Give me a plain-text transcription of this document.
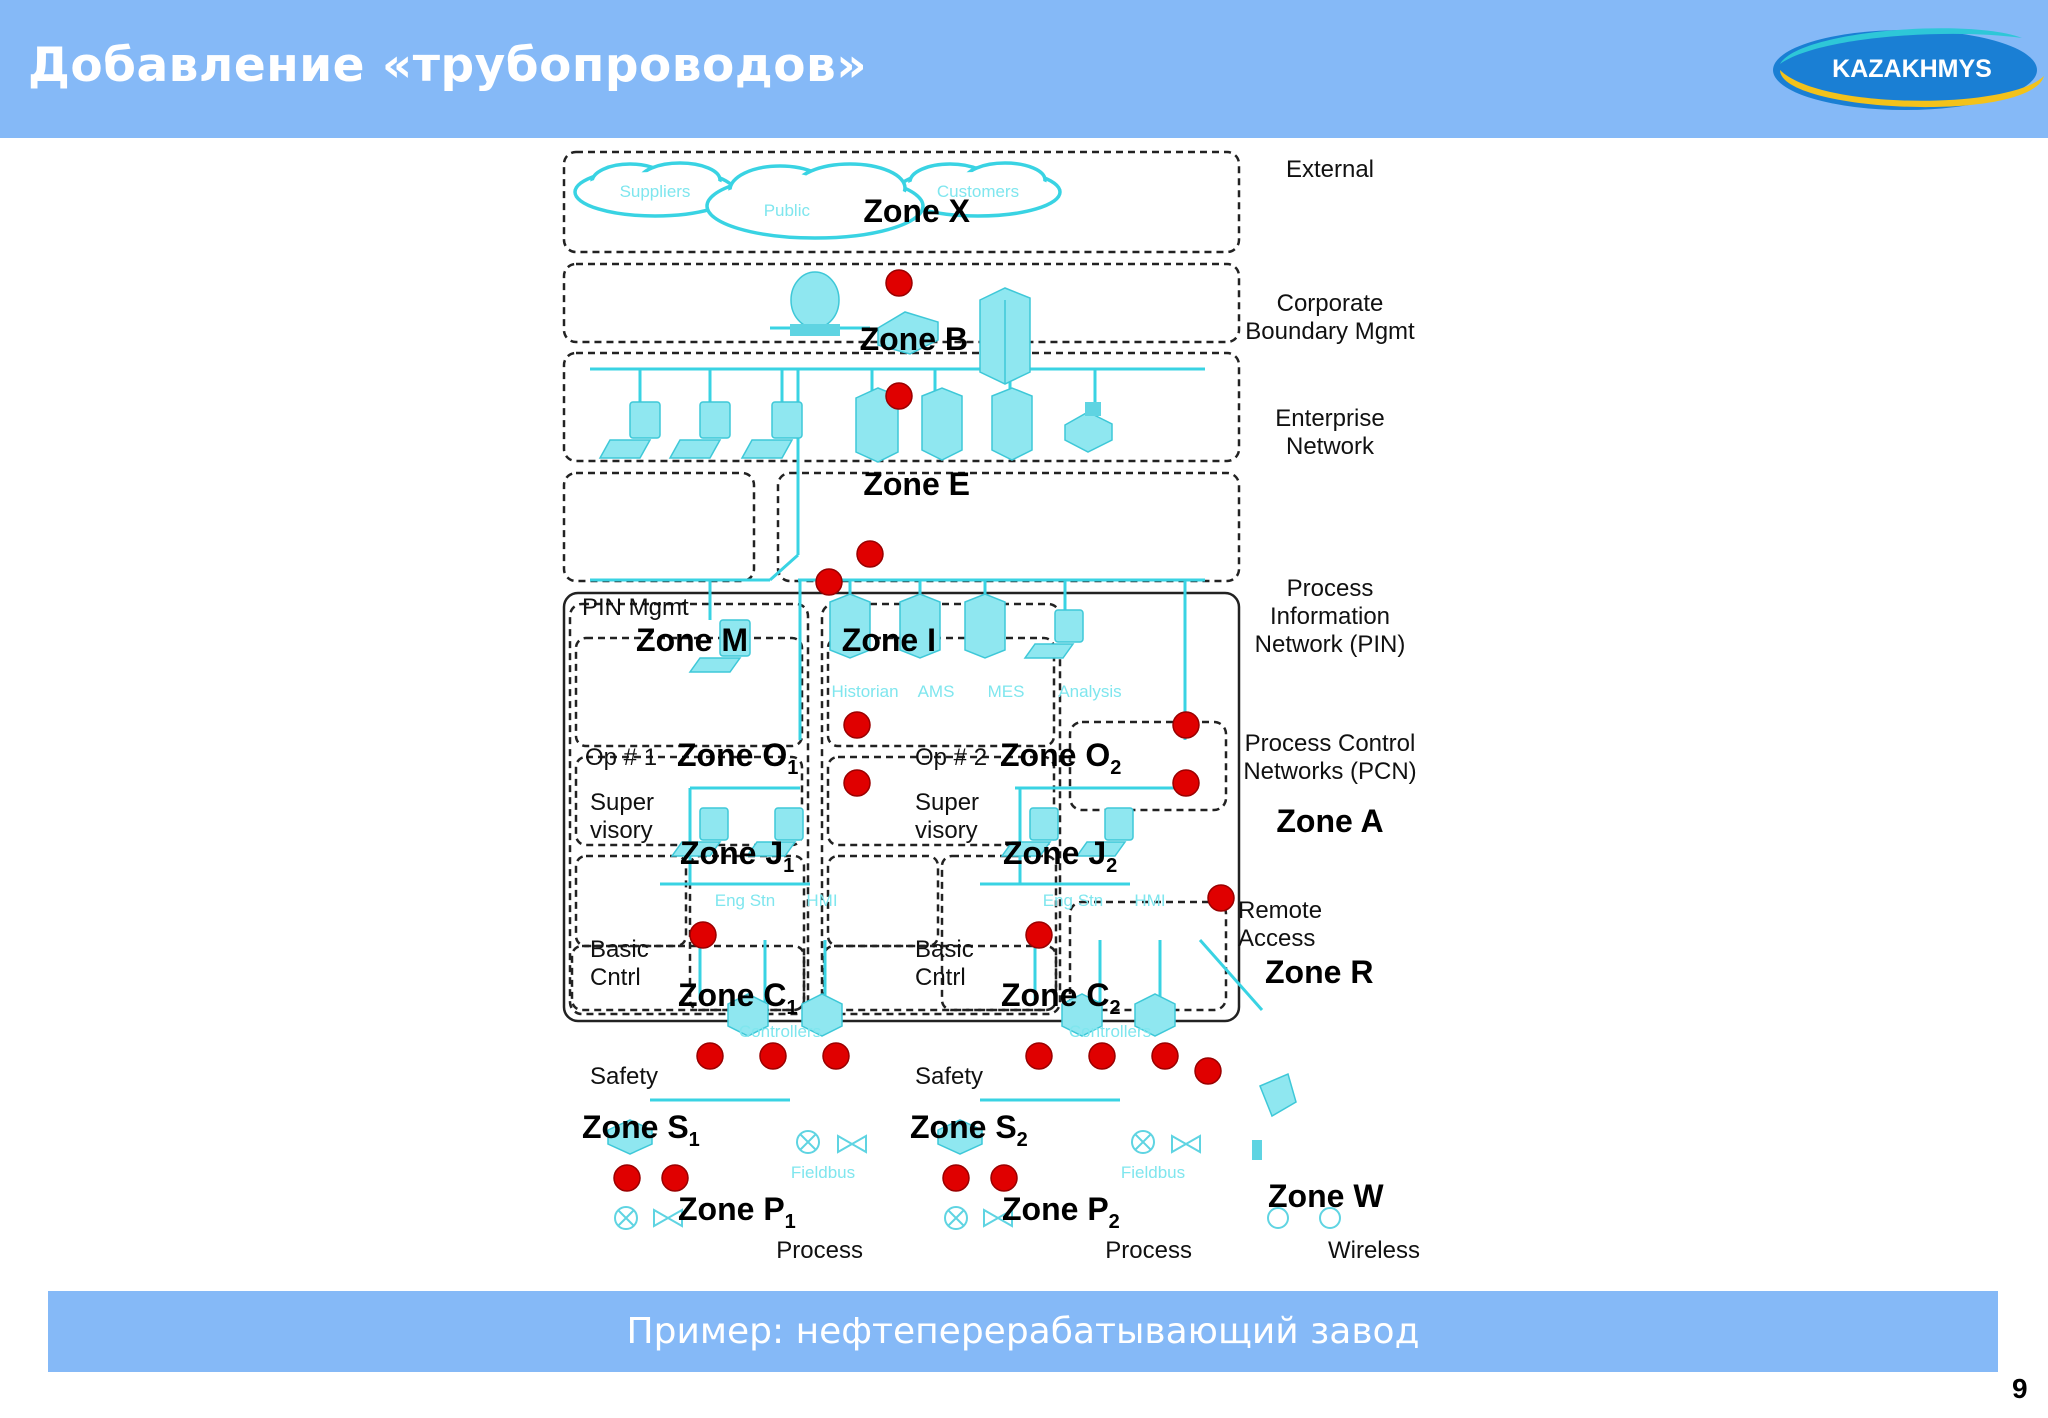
Добавление «трубопроводов»	KAZAKHMYS
Suppliers	Customers
Public
External
Zone X
Corporate
Boundary Mgmt
Zone B
Enterprise
Network
Zone E
PIN Mgmt
Zone M
Process
Information
Network (PIN)
Zone I
Historian AMS MES Analysis
Process Control
Networks (PCN)
Zone A
Op # 1 Zone $O_1$	Op # 2 Zone $O_2$
Super
visory
Zone $J_1$
Eng Stn HMI
Super
visory
Zone $J_2$
Eng Stn HMI
Basic
Cntrl Zone $C_1$
Controllers
Basic
Cntrl Zone $C_2$
Controllers
Safety
Zone $S_1$
Safety
Zone $S_2$
Fieldbus	Fieldbus
Zone $P_1$
Process
Zone $P_2$
Process
Remote
Access
Zone R
Zone W
Wireless
Пример: нефтеперерабатывающий завод
9
